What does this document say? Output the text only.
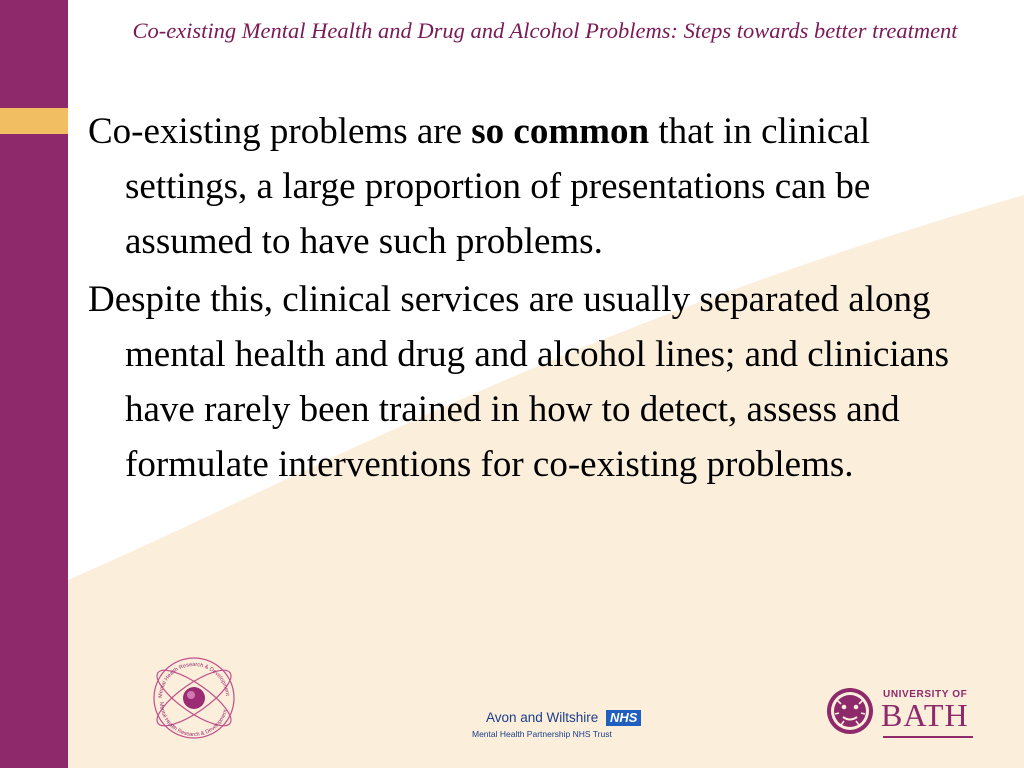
Co-existing Mental Health and Drug and Alcohol Problems: Steps towards better treatment

Co-existing problems are so common that in clinical settings, a large proportion of presentations can be assumed to have such problems.

Despite this, clinical services are usually separated along mental health and drug and alcohol lines; and clinicians have rarely been trained in how to detect, assess and formulate interventions for co-existing problems.

Mental Health Research & Development
Mental Health Research & Development	Avon and Wiltshire NHS
Mental Health Partnership NHS Trust
UNIVERSITY OF
BATH
